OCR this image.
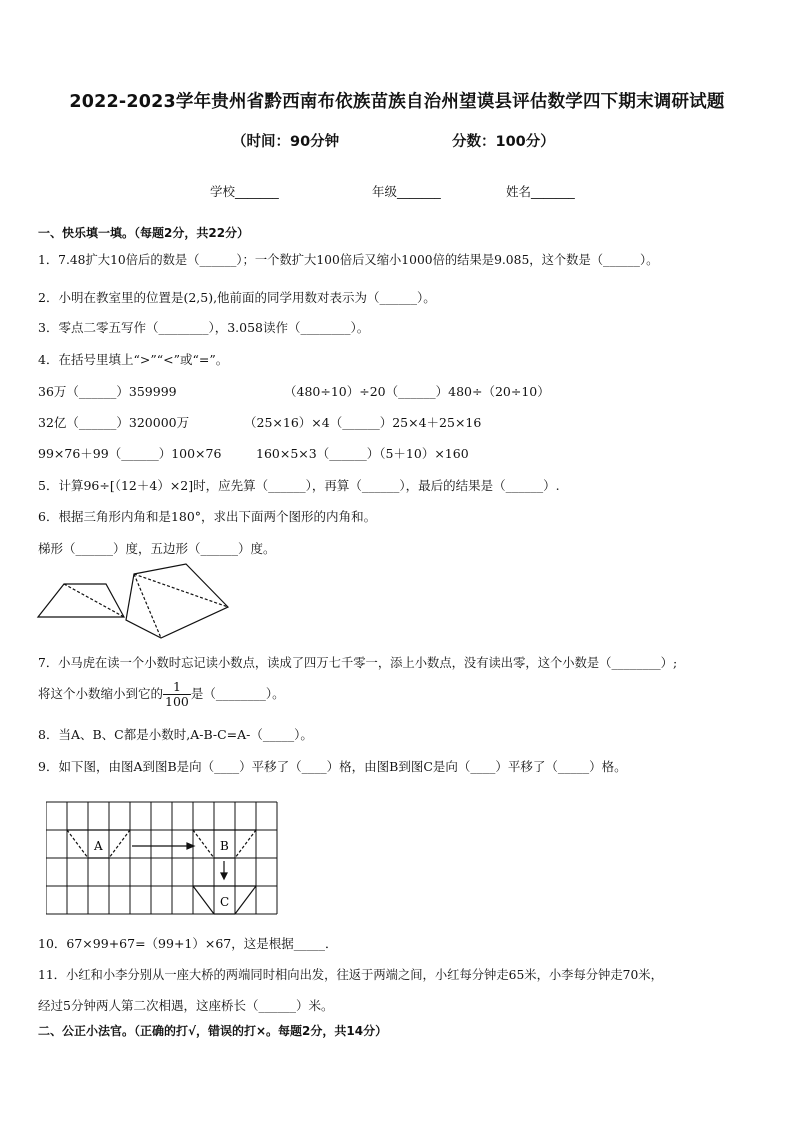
2022-2023学年贵州省黔西南布依族苗族自治州望谟县评估数学四下期末调研试题
（时间：90分钟	分数：100分）
学校_______	年级_______	姓名_______
一、快乐填一填。（每题2分，共22分）
1．7.48扩大10倍后的数是（______）；一个数扩大100倍后又缩小1000倍的结果是9.085，这个数是（______）。
2．小明在教室里的位置是(2,5),他前面的同学用数对表示为（______）。
3．零点二零五写作（________），3.058读作（________）。
4．在括号里填上“>”“<”或“=”。
36万（______）359999	（480÷10）÷20（______）480÷（20÷10）
32亿（______）320000万	（25×16）×4（______）25×4＋25×16
99×76＋99（______）100×76	160×5×3（______）（5＋10）×160
5．计算96÷[（12＋4）×2]时，应先算（______），再算（______），最后的结果是（______）.
6．根据三角形内角和是180°，求出下面两个图形的内角和。
梯形（______）度，五边形（______）度。
7．小马虎在读一个小数时忘记读小数点，读成了四万七千零一，添上小数点，没有读出零，这个小数是（________）;
将这个小数缩小到它的 $\frac{1}{100}$ 是（________）。
8．当A、B、C都是小数时,A-B-C=A-（_____）。
9．如下图，由图A到图B是向（____）平移了（____）格，由图B到图C是向（____）平移了（_____）格。
A	B
C
10．67×99+67=（99+1）×67，这是根据_____．
11．小红和小李分别从一座大桥的两端同时相向出发，往返于两端之间，小红每分钟走65米，小李每分钟走70米，
经过5分钟两人第二次相遇，这座桥长（______）米。
二、公正小法官。（正确的打√，错误的打×。每题2分，共14分）
